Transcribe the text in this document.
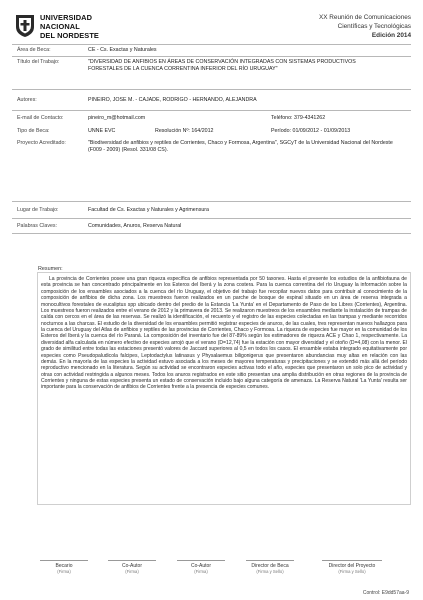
UNIVERSIDAD
NACIONAL
DEL NORDESTE
XX Reunión de Comunicaciones
Científicas y Tecnológicas
Edición 2014
Área de Beca:	CE - Cs. Exactas y Naturales
Título del Trabajo:	"DIVERSIDAD DE ANFIBIOS EN ÁREAS DE CONSERVACIÓN INTEGRADAS CON SISTEMAS PRODUCTIVOS FORESTALES DE LA CUENCA CORRENTINA INFERIOR DEL RÍO URUGUAY"
Autores:	PINEIRO, JOSE M. - CAJADE, RODRIGO - HERNANDO, ALEJANDRA
E-mail de Contacto:	pineiro_m@hotmail.com	Teléfono: 379-4341262
Tipo de Beca:	UNNE EVC	Resolución Nº: 164/2012	Período: 01/09/2012 - 01/09/2013
Proyecto Acreditado:	"Biodiversidad de anfibios y reptiles de Corrientes, Chaco y Formosa, Argentina", SGCyT de la Universidad Nacional del Nordeste (F009 - 2009) (Resol. 331/08 CS).
Lugar de Trabajo:	Facultad de Cs. Exactas y Naturales y Agrimensura
Palabras Claves:	Comunidades, Anuros, Reserva Natural
Resumen:
La provincia de Corrientes posee una gran riqueza específica de anfibios representada por 50 taxones. Hasta el presente los estudios de la anfibiofauna de esta provincia se han concentrado principalmente en los Esteros del Iberá y la zona costera. Para la cuenca correntina del río Uruguay la información sobre la composición de los ensambles asociados a la cuenca del río Uruguay, el objetivo del trabajo fue recopilar nuevos datos para contribuir al conocimiento de la composición de anfibios de dicha zona. Los muestreos fueron realizados en un parche de bosque de espinal situado en un área de reserva integrada a monocultivos forestales de eucaliptus spp ubicado dentro del predio de la Estancia 'La Yunta' en el Departamento de Paso de los Libres (Corrientes), Argentina. Los muestreos fueron realizados entre el verano de 2012 y la primavera de 2013. Se realizaron muestreos de los ensambles mediante la instalación de trampas de caída con cercos en el área de las reservas. Se realizó la identificación, el recuento y el registro de las especies colectadas en las trampas y mediante recorridos nocturnos a las charcas. El estudio de la diversidad de los ensambles permitió registrar especies de anuros, de las cuales, tres representan nuevos hallazgos para la cuenca del Uruguay del Atlas de anfibios y reptiles de las provincias de Corrientes, Chaco y Formosa. La riqueza de especies fue mayor en la comunidad de los Esteros del Iberá y la cuenca del río Paraná. La composición del inventario fue del 87-89% según los estimadores de riqueza ACE y Chao 1, respectivamente. La diversidad alfa calculada en número efectivo de especies arrojó que el verano (D=12,74) fue la estación con mayor diversidad y el otoño (D=4,08) con la menor. El grado de similitud entre todas las estaciones presentó valores de Jaccard superiores al 0,5 en todos los casos. El ensamble estaba integrado equitativamente por especies como Pseudopaludicola falcipes, Leptodactylus latinasus y Physalaemus biligonigerus que presentaron abundancias muy altas en relación con las demás. En la mayoría de las especies la actividad estuvo asociada a los meses de mayores temperaturas y precipitaciones y se extendió más allá del período reproductivo mencionado en la literatura. Según su actividad se encontraron especies activas todo el año, especies que presentaron un solo pico de actividad y otras con actividad restringida a algunos meses. Todos los anuros registrados en este sitio presentan una amplia distribución en otras regiones de la provincia de Corrientes y ninguna de estas especies presenta un estado de conservación incluido bajo alguna categoría de amenaza. La Reserva Natural 'La Yunta' resulta ser importante para la conservación de anfibios de Corrientes frente a la presencia de especies comunes.
Becario
(Firma)
Co-Autor
(Firma)
Co-Autor
(Firma)
Director de Beca
(Firma y Sello)
Director del Proyecto
(Firma y Sello)
Control: E9dd57aa-9
